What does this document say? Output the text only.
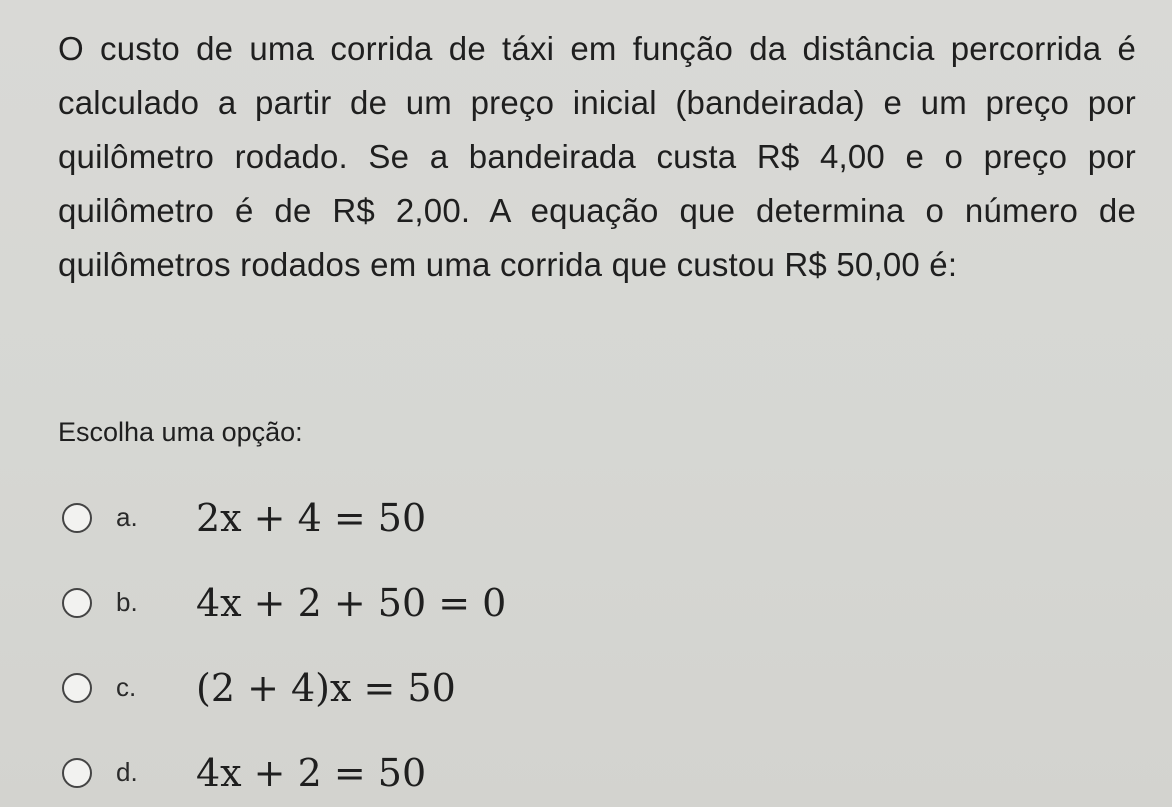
O custo de uma corrida de táxi em função da distância percorrida é calculado a partir de um preço inicial (bandeirada) e um preço por quilômetro rodado. Se a bandeirada custa R$ 4,00 e o preço por quilômetro é de R$ 2,00. A equação que determina o número de quilômetros rodados em uma corrida que custou R$ 50,00 é:

Escolha uma opção:

a.	2x + 4 = 50
b.	4x + 2 + 50 = 0
c.	(2 + 4)x = 50
d.	4x + 2 = 50
